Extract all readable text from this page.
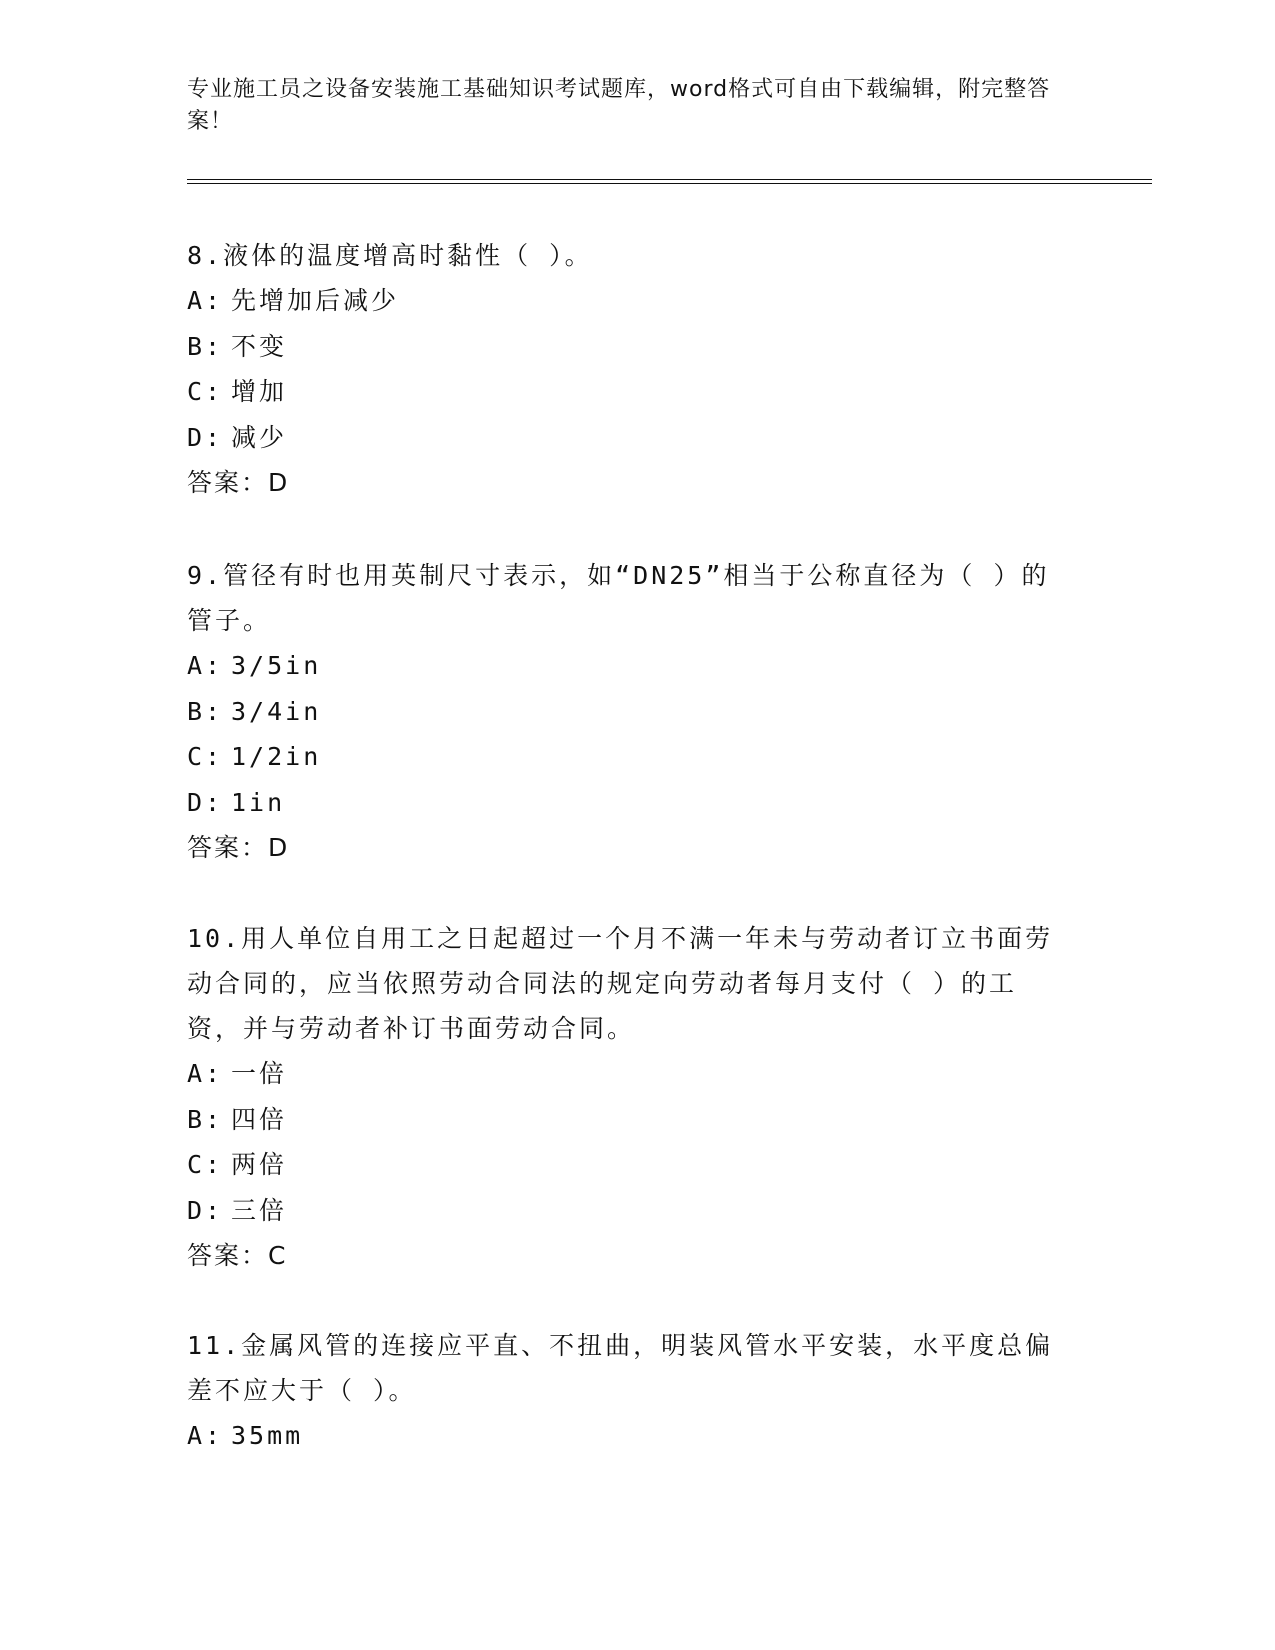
专业施工员之设备安装施工基础知识考试题库，word格式可自由下载编辑，附完整答案！

8.液体的温度增高时黏性（ ）。

A: 先增加后减少

B: 不变

C: 增加

D: 减少

答案：D

9.管径有时也用英制尺寸表示，如“DN25”相当于公称直径为（ ）的管子。

A: 3/5in

B: 3/4in

C: 1/2in

D: 1in

答案：D

10.用人单位自用工之日起超过一个月不满一年未与劳动者订立书面劳动合同的，应当依照劳动合同法的规定向劳动者每月支付（ ）的工资，并与劳动者补订书面劳动合同。

A: 一倍

B: 四倍

C: 两倍

D: 三倍

答案：C

11.金属风管的连接应平直、不扭曲，明装风管水平安装，水平度总偏差不应大于（ ）。

A: 35mm
